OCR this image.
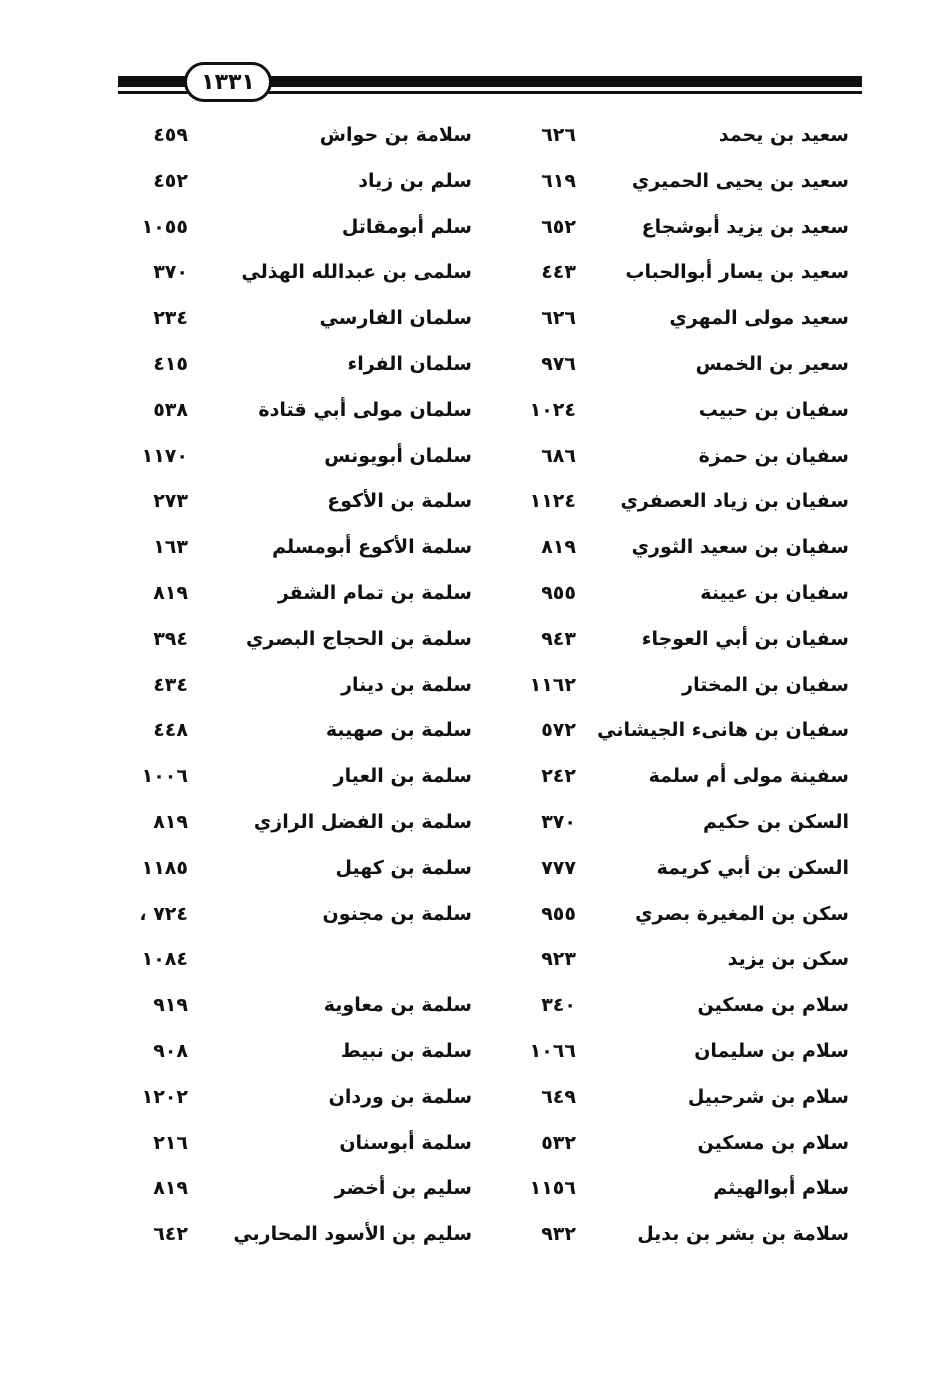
١٣٣١
سعيد بن يحمد
٦٢٦
سلامة بن حواش
٤٥٩
سعيد بن يحيى الحميري
٦١٩
سلم بن زياد
٤٥٢
سعيد بن يزيد أبوشجاع
٦٥٢
سلم أبومقاتل
١٠٥٥
سعيد بن يسار أبوالحباب
٤٤٣
سلمى بن عبدالله الهذلي
٣٧٠
سعيد مولى المهري
٦٢٦
سلمان الفارسي
٢٣٤
سعير بن الخمس
٩٧٦
سلمان الفراء
٤١٥
سفيان بن حبيب
١٠٢٤
سلمان مولى أبي قتادة
٥٣٨
سفيان بن حمزة
٦٨٦
سلمان أبويونس
١١٧٠
سفيان بن زياد العصفري
١١٢٤
سلمة بن الأكوع
٢٧٣
سفيان بن سعيد الثوري
٨١٩
سلمة الأكوع أبومسلم
١٦٣
سفيان بن عيينة
٩٥٥
سلمة بن تمام الشقر
٨١٩
سفيان بن أبي العوجاء
٩٤٣
سلمة بن الحجاج البصري
٣٩٤
سفيان بن المختار
١١٦٢
سلمة بن دينار
٤٣٤
سفيان بن هانىء الجيشاني
٥٧٢
سلمة بن صهيبة
٤٤٨
سفينة مولى أم سلمة
٢٤٢
سلمة بن العيار
١٠٠٦
السكن بن حكيم
٣٧٠
سلمة بن الفضل الرازي
٨١٩
السكن بن أبي كريمة
٧٧٧
سلمة بن كهيل
١١٨٥
سكن بن المغيرة بصري
٩٥٥
سلمة بن مجنون
٧٢٤ ،
سكن بن يزيد
٩٢٣
١٠٨٤
سلام بن مسكين
٣٤٠
سلمة بن معاوية
٩١٩
سلام بن سليمان
١٠٦٦
سلمة بن نبيط
٩٠٨
سلام بن شرحبيل
٦٤٩
سلمة بن وردان
١٢٠٢
سلام بن مسكين
٥٣٢
سلمة أبوسنان
٢١٦
سلام أبوالهيثم
١١٥٦
سليم بن أخضر
٨١٩
سلامة بن بشر بن بديل
٩٣٢
سليم بن الأسود المحاربي
٦٤٢
